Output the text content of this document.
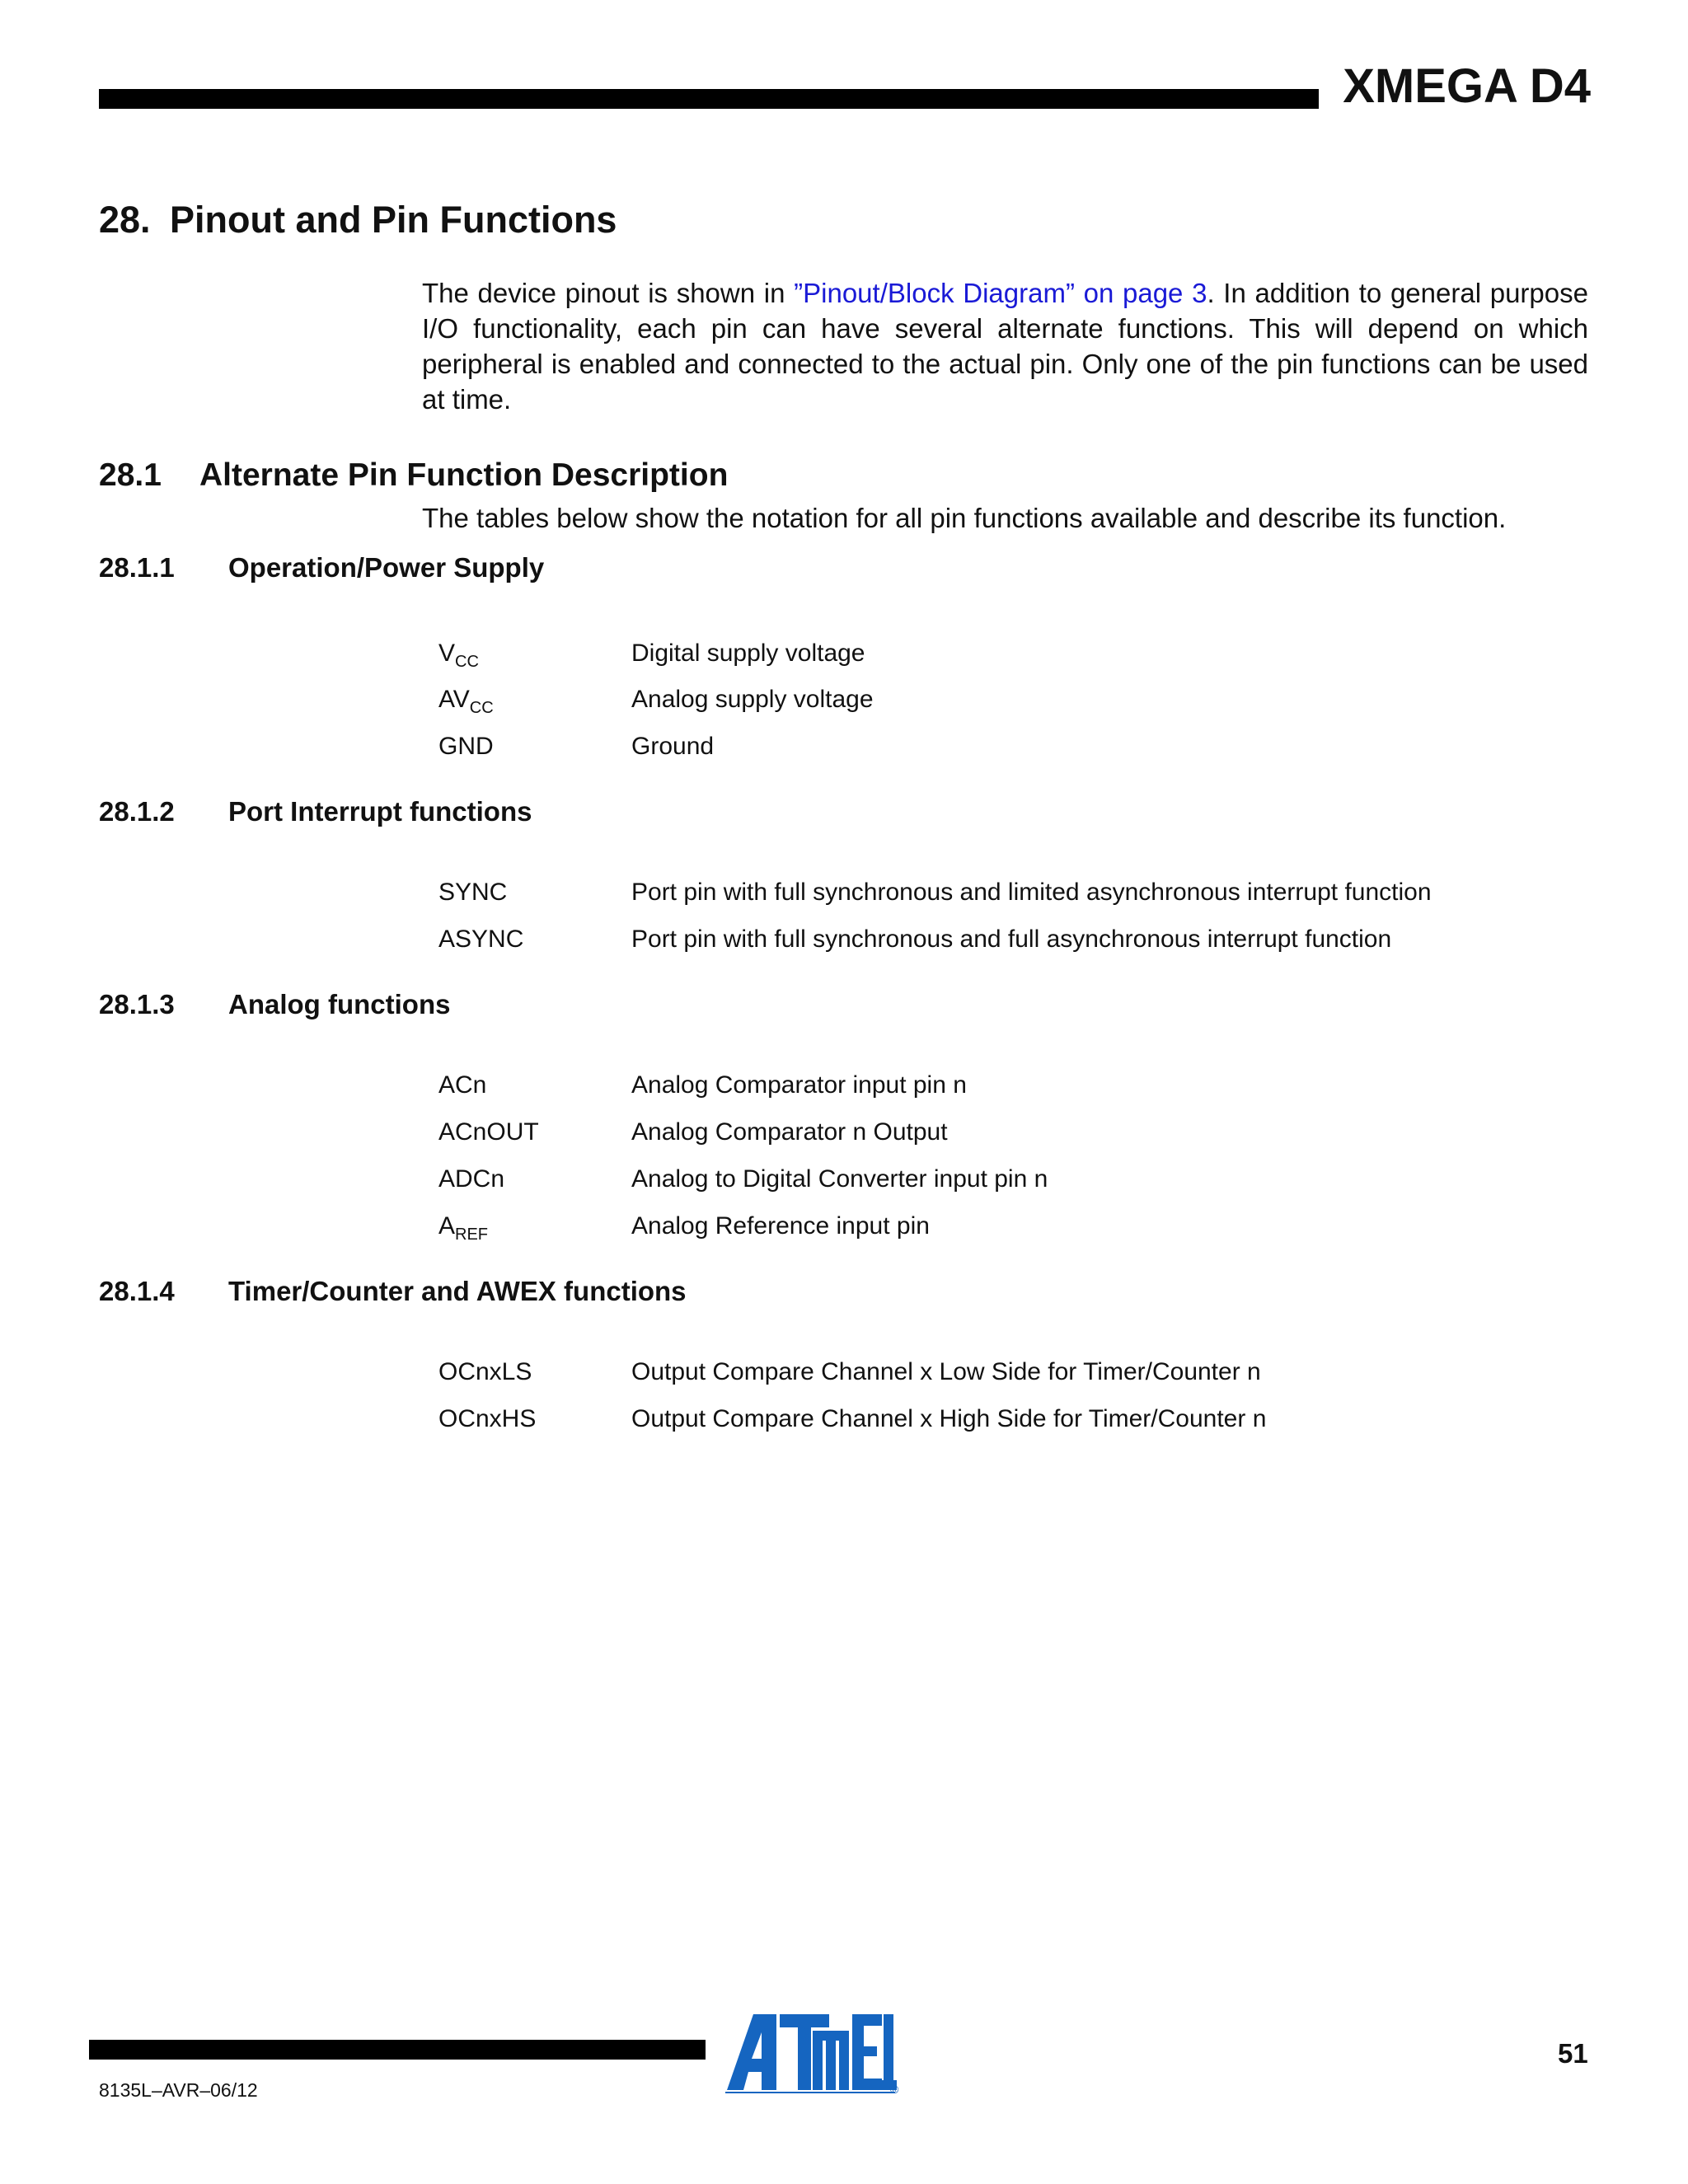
XMEGA D4
28. Pinout and Pin Functions
The device pinout is shown in ”Pinout/Block Diagram” on page 3. In addition to general purpose I/O functionality, each pin can have several alternate functions. This will depend on which peripheral is enabled and connected to the actual pin. Only one of the pin functions can be used at time.
28.1 Alternate Pin Function Description
The tables below show the notation for all pin functions available and describe its function.
28.1.1 Operation/Power Supply
$V_{CC}$	Digital supply voltage
$AV_{CC}$	Analog supply voltage
GND	Ground
28.1.2 Port Interrupt functions
SYNC	Port pin with full synchronous and limited asynchronous interrupt function
ASYNC	Port pin with full synchronous and full asynchronous interrupt function
28.1.3 Analog functions
ACn	Analog Comparator input pin n
ACnOUT	Analog Comparator n Output
ADCn	Analog to Digital Converter input pin n
$A_{REF}$	Analog Reference input pin
28.1.4 Timer/Counter and AWEX functions
OCnxLS	Output Compare Channel x Low Side for Timer/Counter n
OCnxHS	Output Compare Channel x High Side for Timer/Counter n
®
51
8135L–AVR–06/12
